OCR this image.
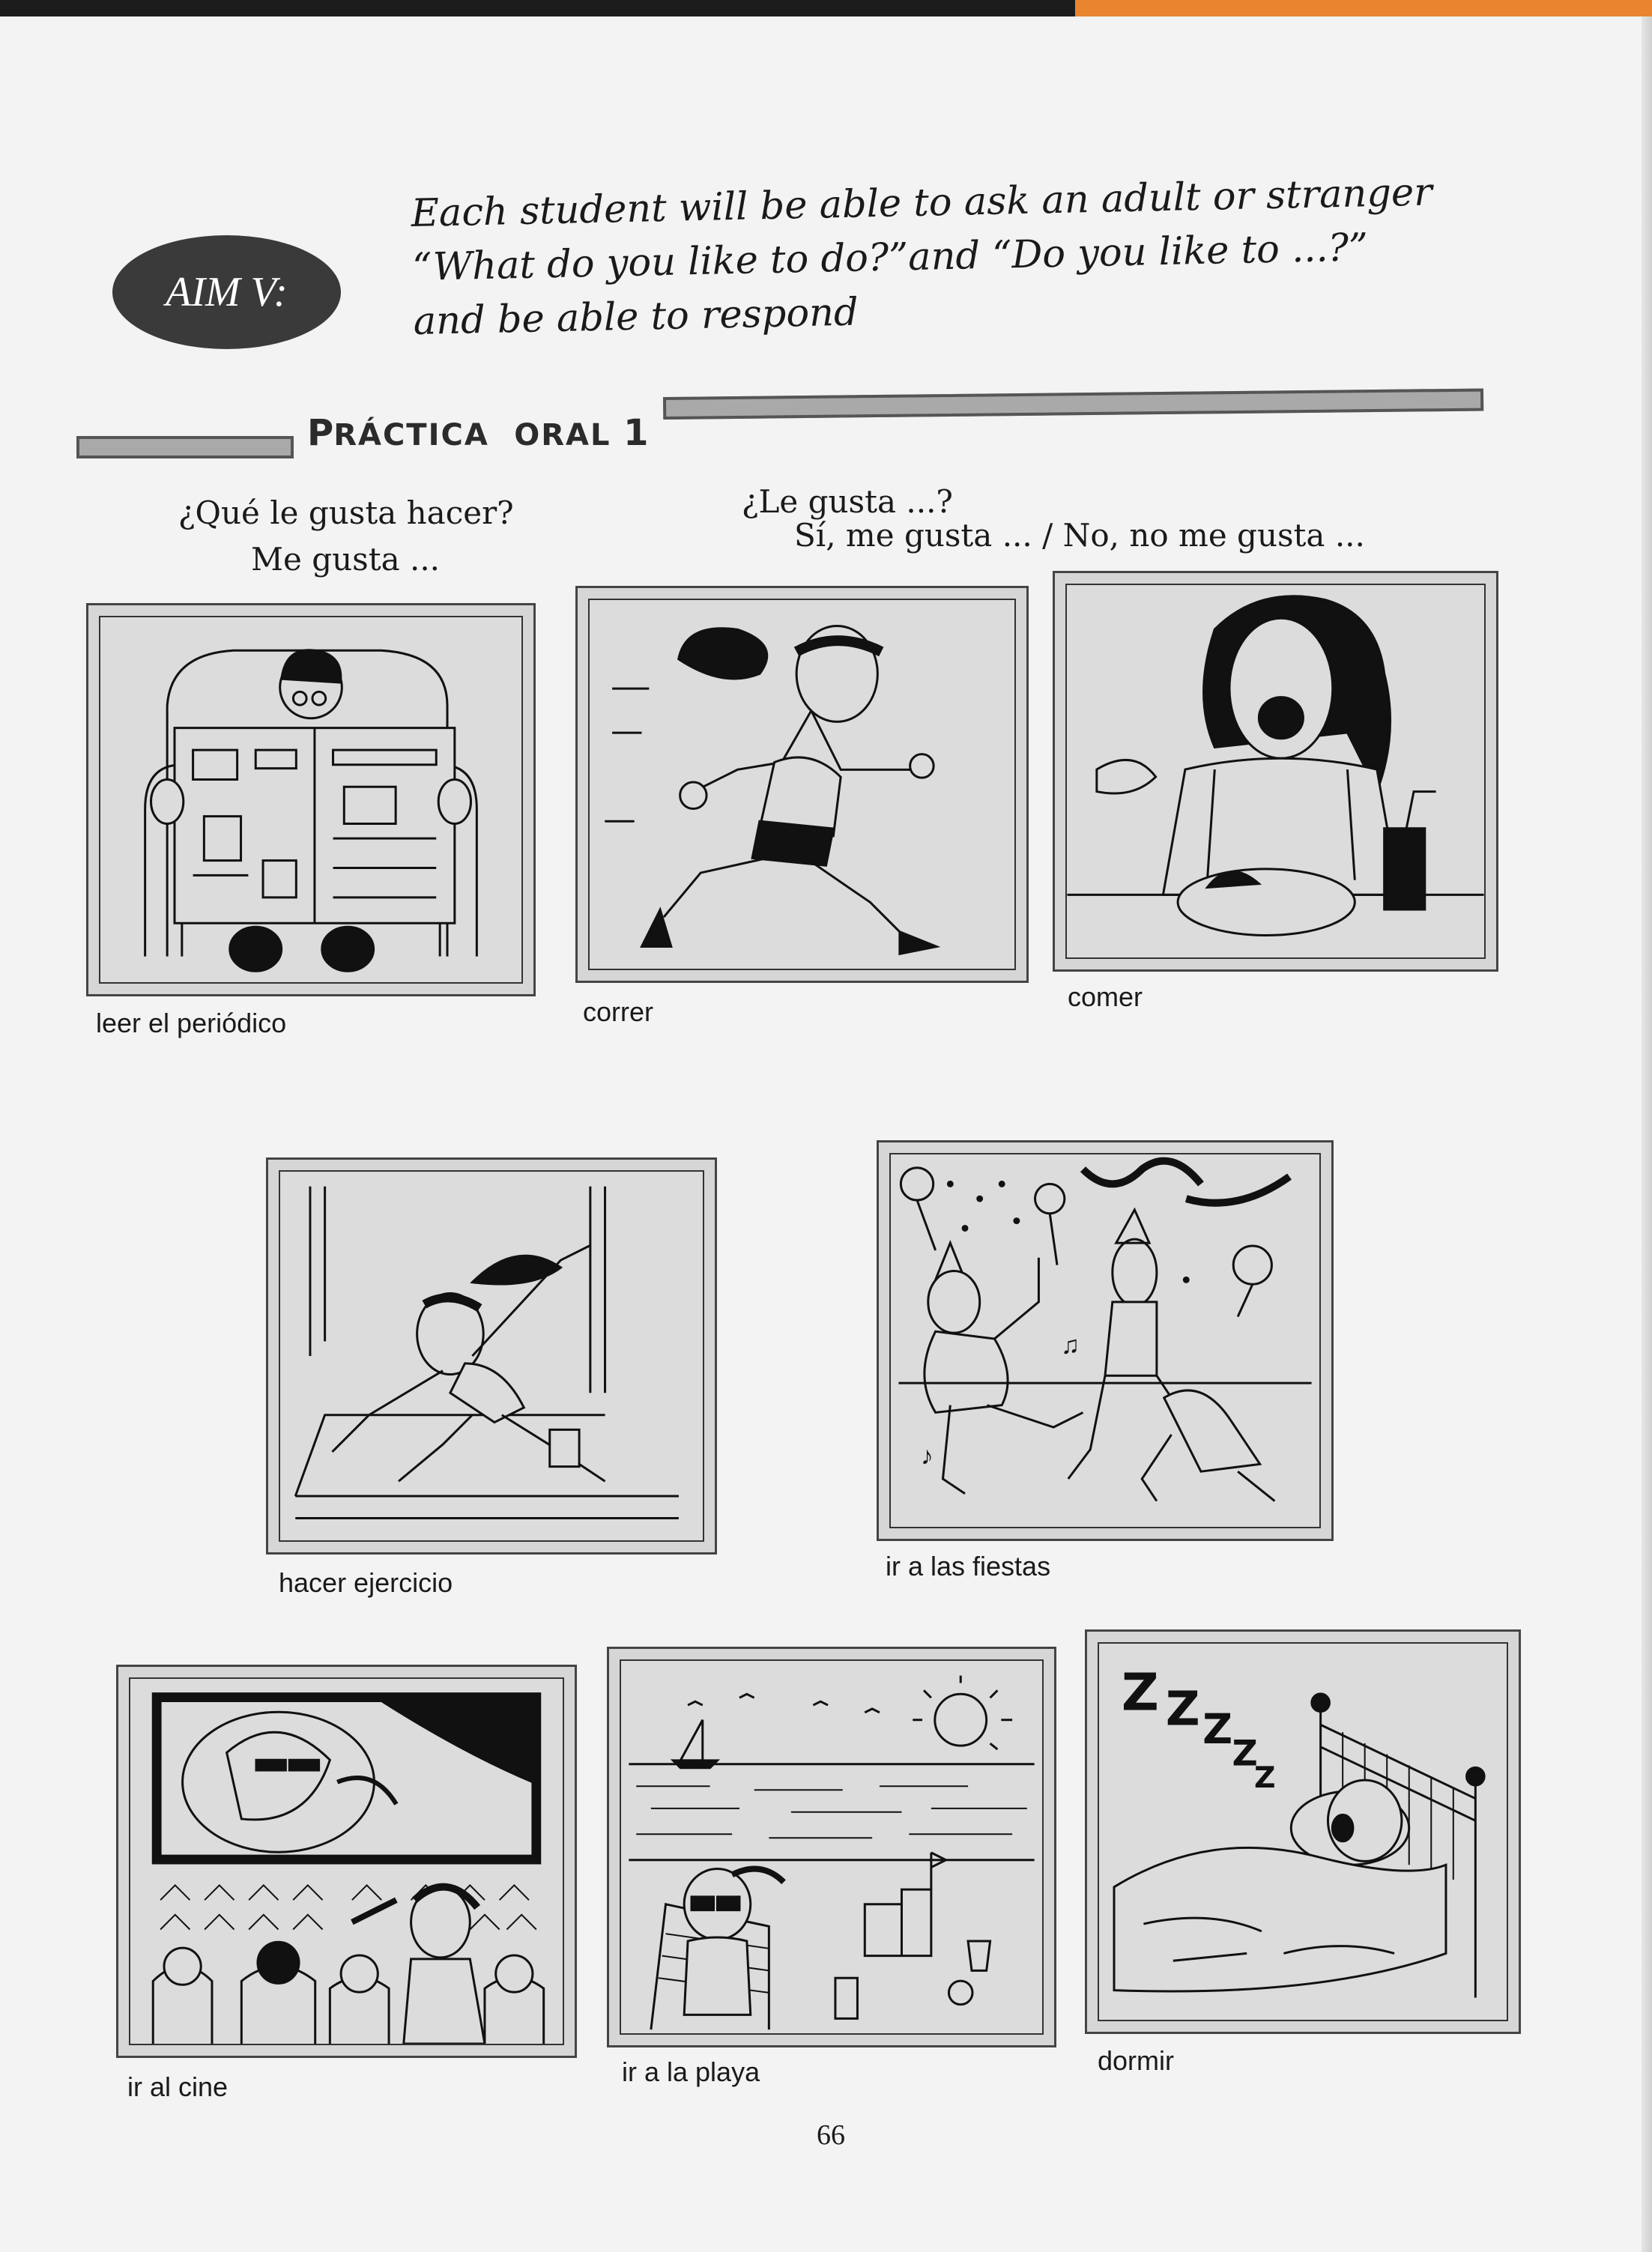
AIM V:
Each student will be able to ask an adult or stranger
“What do you like to do?”and “Do you like to ...?”
and be able to respond
PRÁCTICA ORAL 1
¿Qué le gusta hacer?
Me gusta ...
¿Le gusta ...?
Sí, me gusta ... / No, no me gusta ...
leer el periódico	correr	comer
hacer ejercicio
♪
♫
ir a las fiestas
ir al cine	ir a la playa
Z Z Z
Z
Z
dormir
66
